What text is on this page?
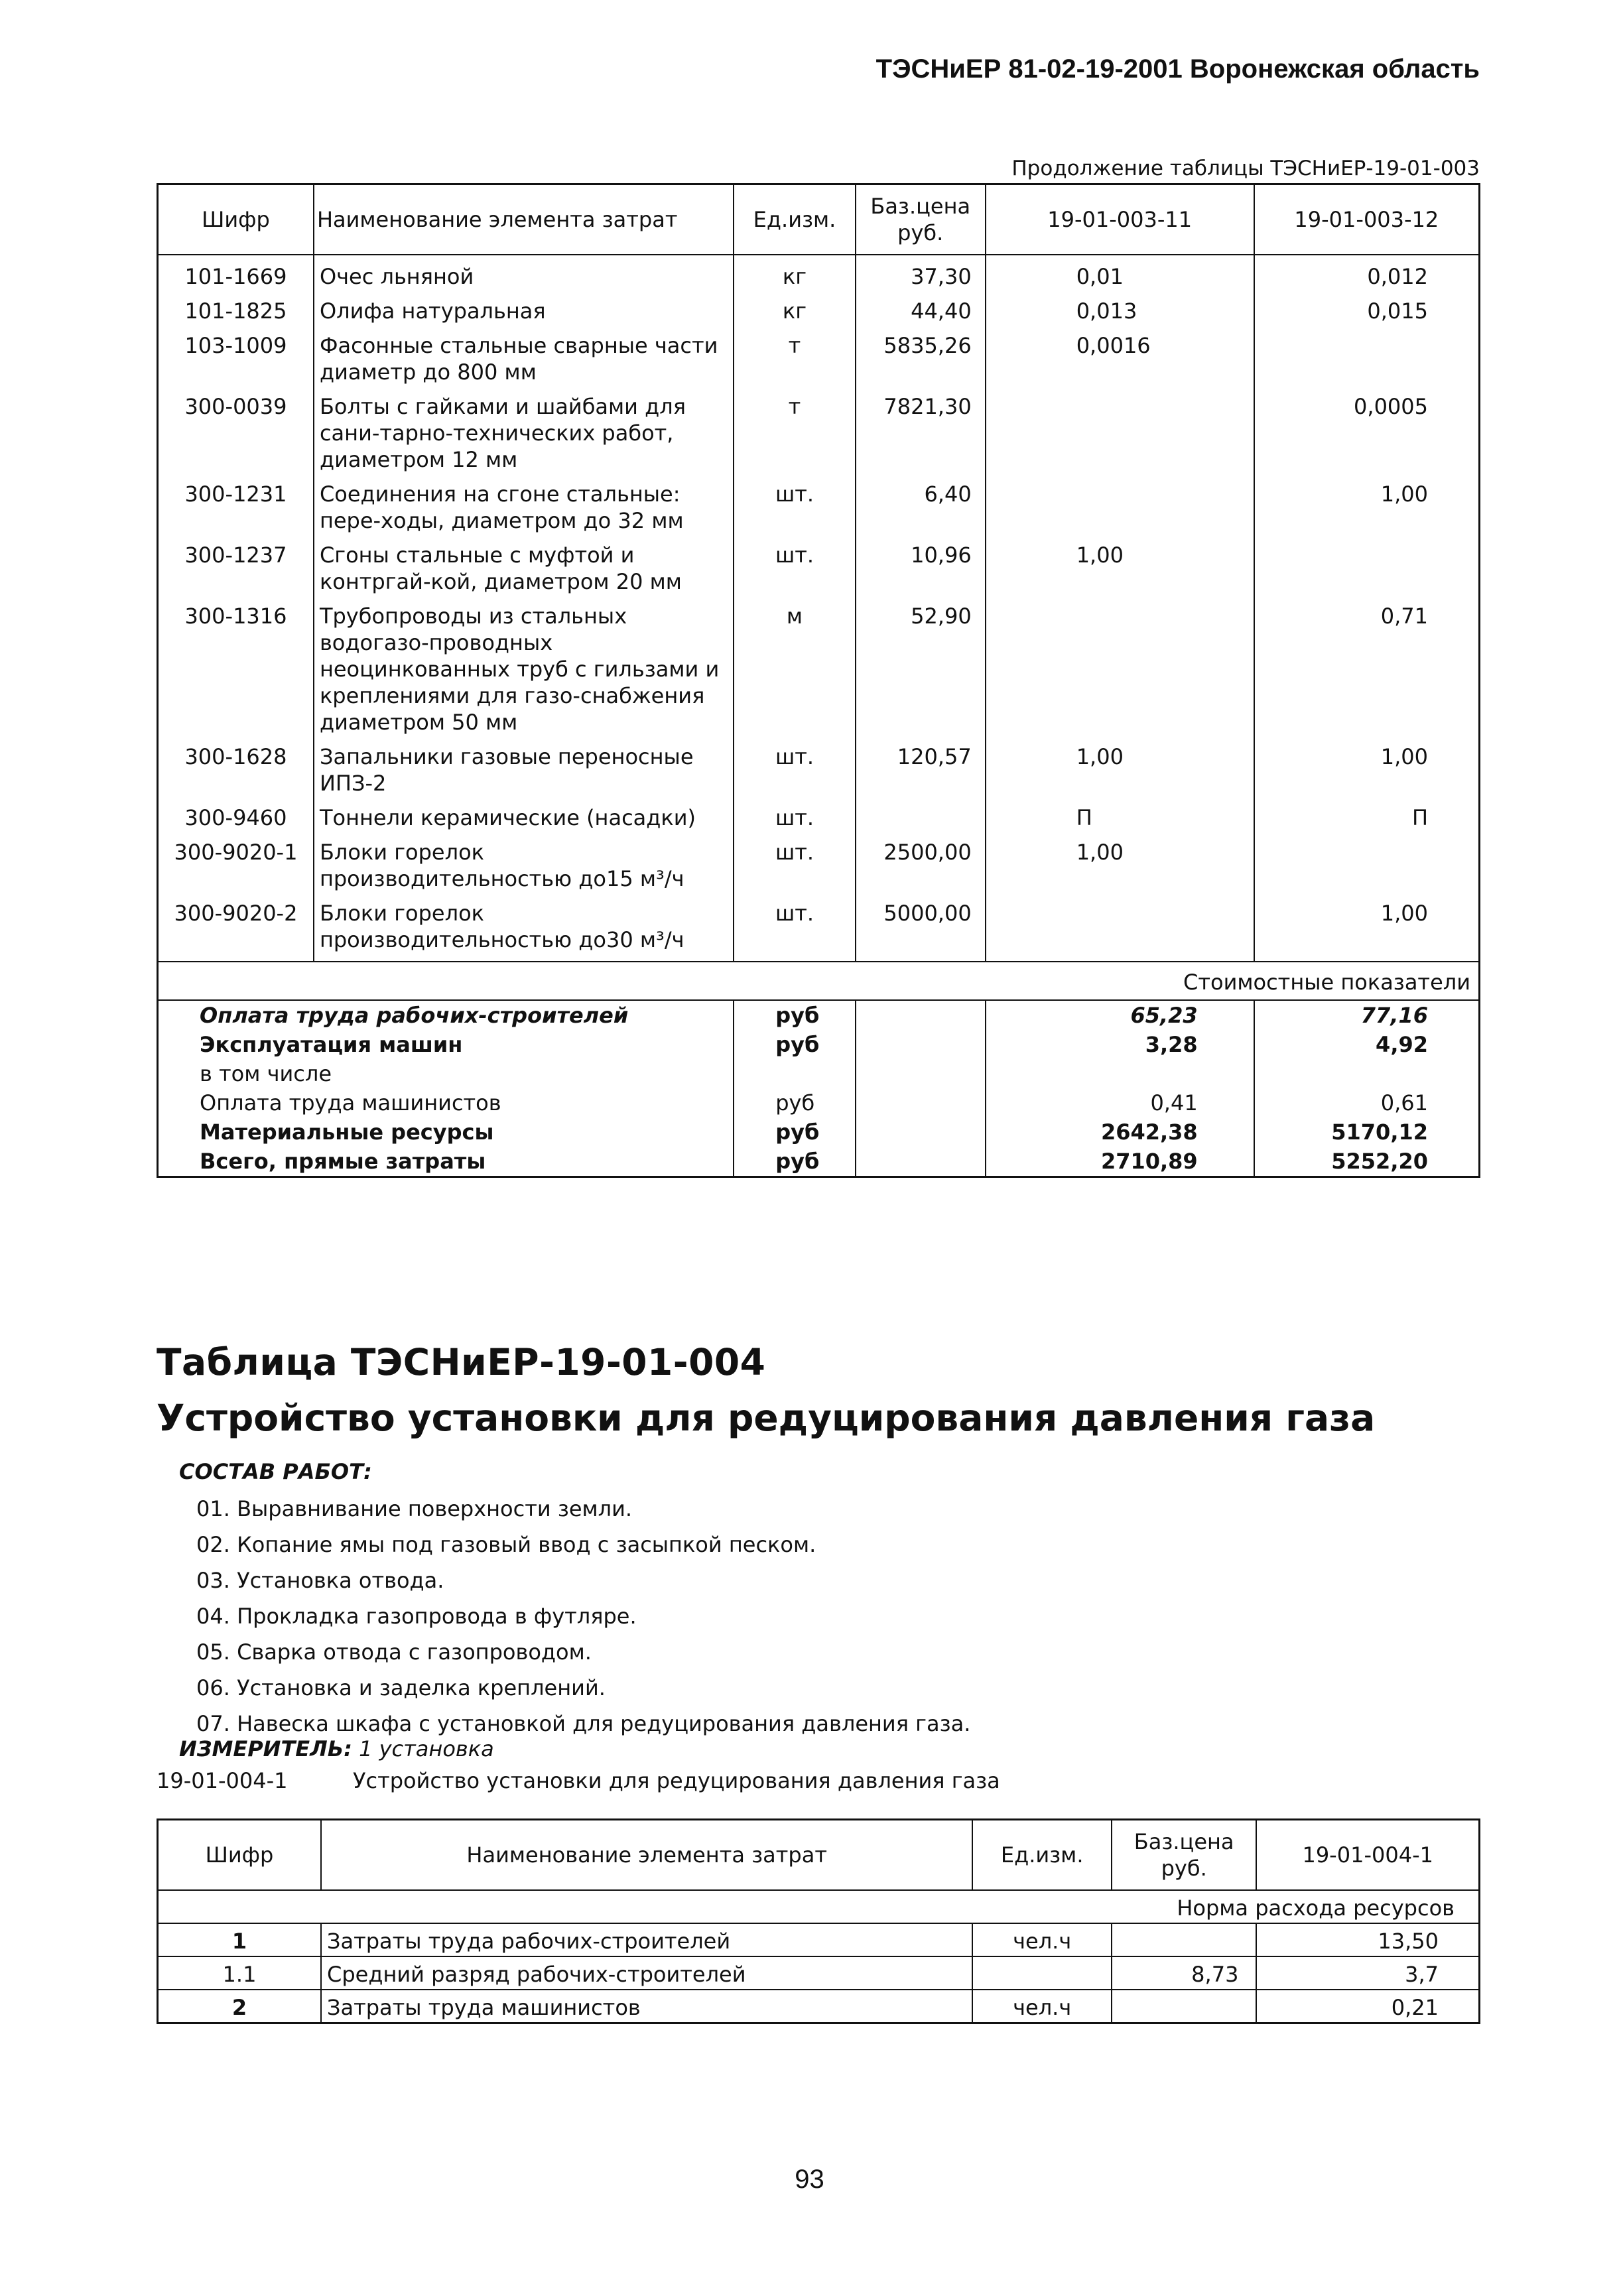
ТЭСНиЕР 81-02-19-2001 Воронежская область
Продолжение таблицы ТЭСНиЕР-19-01-003
Шифр	Наименование элемента затрат	Ед.изм.	Баз.цена руб.	19-01-003-11	19-01-003-12
101-1669	Очес льняной	кг	37,30	0,01	0,012
101-1825	Олифа натуральная	кг	44,40	0,013	0,015
103-1009	Фасонные стальные сварные части диаметр до 800 мм	т	5835,26	0,0016	
300-0039	Болты с гайками и шайбами для сани-тарно-технических работ, диаметром 12 мм	т	7821,30		0,0005
300-1231	Соединения на сгоне стальные: пере-ходы, диаметром до 32 мм	шт.	6,40		1,00
300-1237	Сгоны стальные с муфтой и контргай-кой, диаметром 20 мм	шт.	10,96	1,00	
300-1316	Трубопроводы из стальных водогазо-проводных неоцинкованных труб с гильзами и креплениями для газо-снабжения диаметром 50 мм	м	52,90		0,71
300-1628	Запальники газовые переносные ИПЗ-2	шт.	120,57	1,00	1,00
300-9460	Тоннели керамические (насадки)	шт.		П	П
300-9020-1	Блоки горелок производительностью до15 м³/ч	шт.	2500,00	1,00	
300-9020-2	Блоки горелок производительностью до30 м³/ч	шт.	5000,00		1,00
Стоимостные показатели					
Оплата труда рабочих-строителей		руб		65,23	77,16
Эксплуатация машин		руб		3,28	4,92
в том числе					
Оплата труда машинистов		руб		0,41	0,61
Материальные ресурсы		руб		2642,38	5170,12
Всего, прямые затраты		руб		2710,89	5252,20
Таблица ТЭСНиЕР-19-01-004
Устройство установки для редуцирования давления газа
СОСТАВ РАБОТ:
01. Выравнивание поверхности земли.
02. Копание ямы под газовый ввод с засыпкой песком.
03. Установка отвода.
04. Прокладка газопровода в футляре.
05. Сварка отвода с газопроводом.
06. Установка и заделка креплений.
07. Навеска шкафа с установкой для редуцирования давления газа.
ИЗМЕРИТЕЛЬ: 1 установка
19-01-004-1	Устройство установки для редуцирования давления газа
Шифр	Наименование элемента затрат	Ед.изм.	Баз.цена руб.	19-01-004-1
Норма расхода ресурсов				
1	Затраты труда рабочих-строителей	чел.ч		13,50
1.1	Средний разряд рабочих-строителей		8,73	3,7
2	Затраты труда машинистов	чел.ч		0,21
93
